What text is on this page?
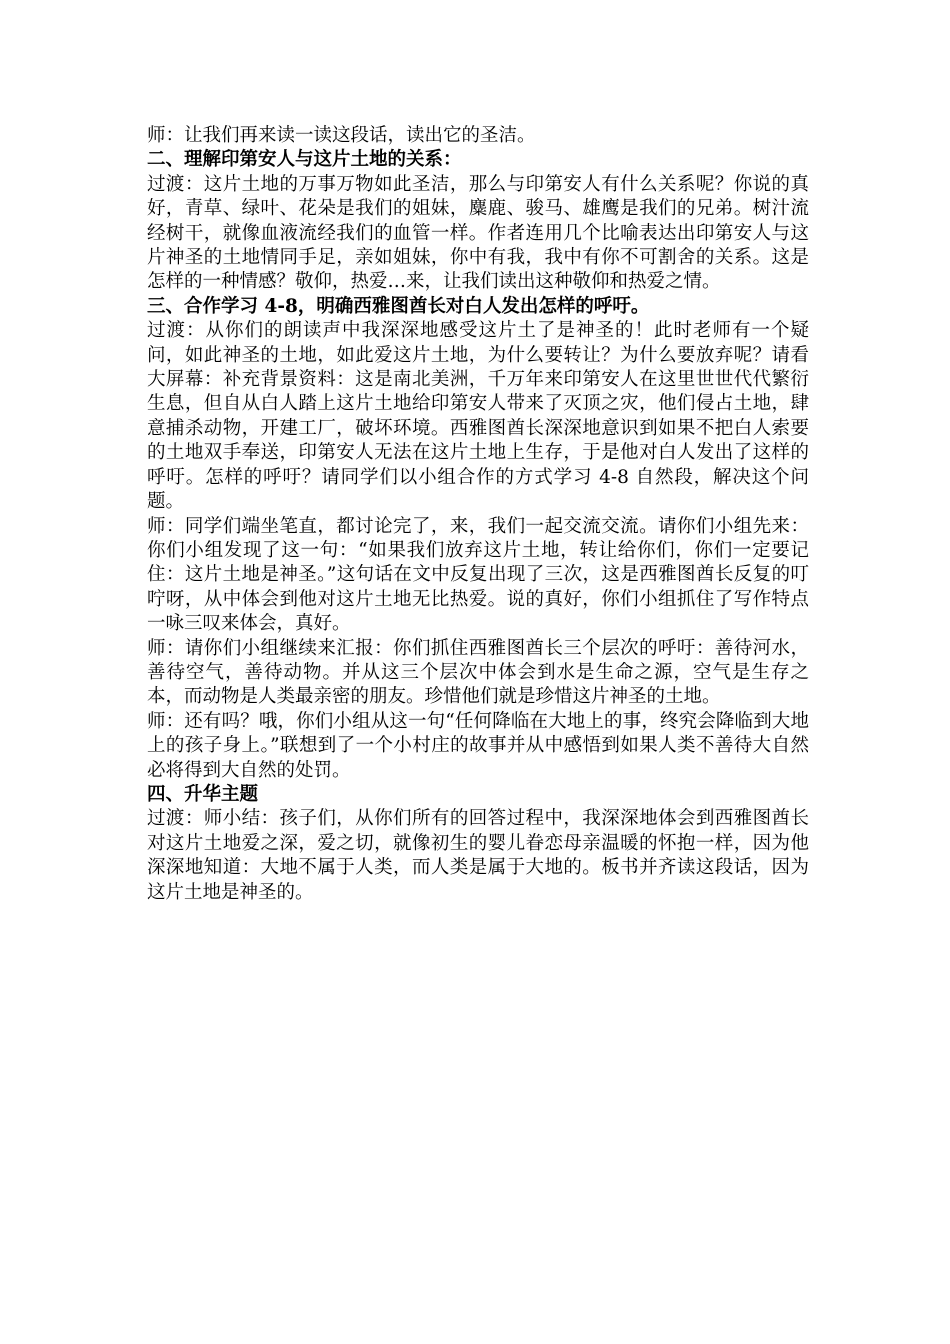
师：让我们再来读一读这段话，读出它的圣洁。

二、理解印第安人与这片土地的关系：

过渡：这片土地的万事万物如此圣洁，那么与印第安人有什么关系呢？你说的真好，青草、绿叶、花朵是我们的姐妹，麋鹿、骏马、雄鹰是我们的兄弟。树汁流经树干，就像血液流经我们的血管一样。作者连用几个比喻表达出印第安人与这片神圣的土地情同手足，亲如姐妹，你中有我，我中有你不可割舍的关系。这是怎样的一种情感？敬仰，热爱…来，让我们读出这种敬仰和热爱之情。

三、合作学习 4-8，明确西雅图酋长对白人发出怎样的呼吁。

过渡：从你们的朗读声中我深深地感受这片土了是神圣的！此时老师有一个疑问，如此神圣的土地，如此爱这片土地，为什么要转让？为什么要放弃呢？请看大屏幕：补充背景资料：这是南北美洲，千万年来印第安人在这里世世代代繁衍生息，但自从白人踏上这片土地给印第安人带来了灭顶之灾，他们侵占土地，肆意捕杀动物，开建工厂，破坏环境。西雅图酋长深深地意识到如果不把白人索要的土地双手奉送，印第安人无法在这片土地上生存，于是他对白人发出了这样的呼吁。怎样的呼吁？请同学们以小组合作的方式学习 4-8 自然段，解决这个问题。

师：同学们端坐笔直，都讨论完了，来，我们一起交流交流。请你们小组先来：你们小组发现了这一句：“如果我们放弃这片土地，转让给你们，你们一定要记住：这片土地是神圣。”这句话在文中反复出现了三次，这是西雅图酋长反复的叮咛呀，从中体会到他对这片土地无比热爱。说的真好，你们小组抓住了写作特点一咏三叹来体会，真好。

师：请你们小组继续来汇报：你们抓住西雅图酋长三个层次的呼吁：善待河水，善待空气，善待动物。并从这三个层次中体会到水是生命之源，空气是生存之本，而动物是人类最亲密的朋友。珍惜他们就是珍惜这片神圣的土地。

师：还有吗？哦，你们小组从这一句“任何降临在大地上的事，终究会降临到大地上的孩子身上。”联想到了一个小村庄的故事并从中感悟到如果人类不善待大自然必将得到大自然的处罚。

四、升华主题

过渡：师小结：孩子们，从你们所有的回答过程中，我深深地体会到西雅图酋长对这片土地爱之深，爱之切，就像初生的婴儿眷恋母亲温暖的怀抱一样，因为他深深地知道：大地不属于人类，而人类是属于大地的。板书并齐读这段话，因为这片土地是神圣的。
